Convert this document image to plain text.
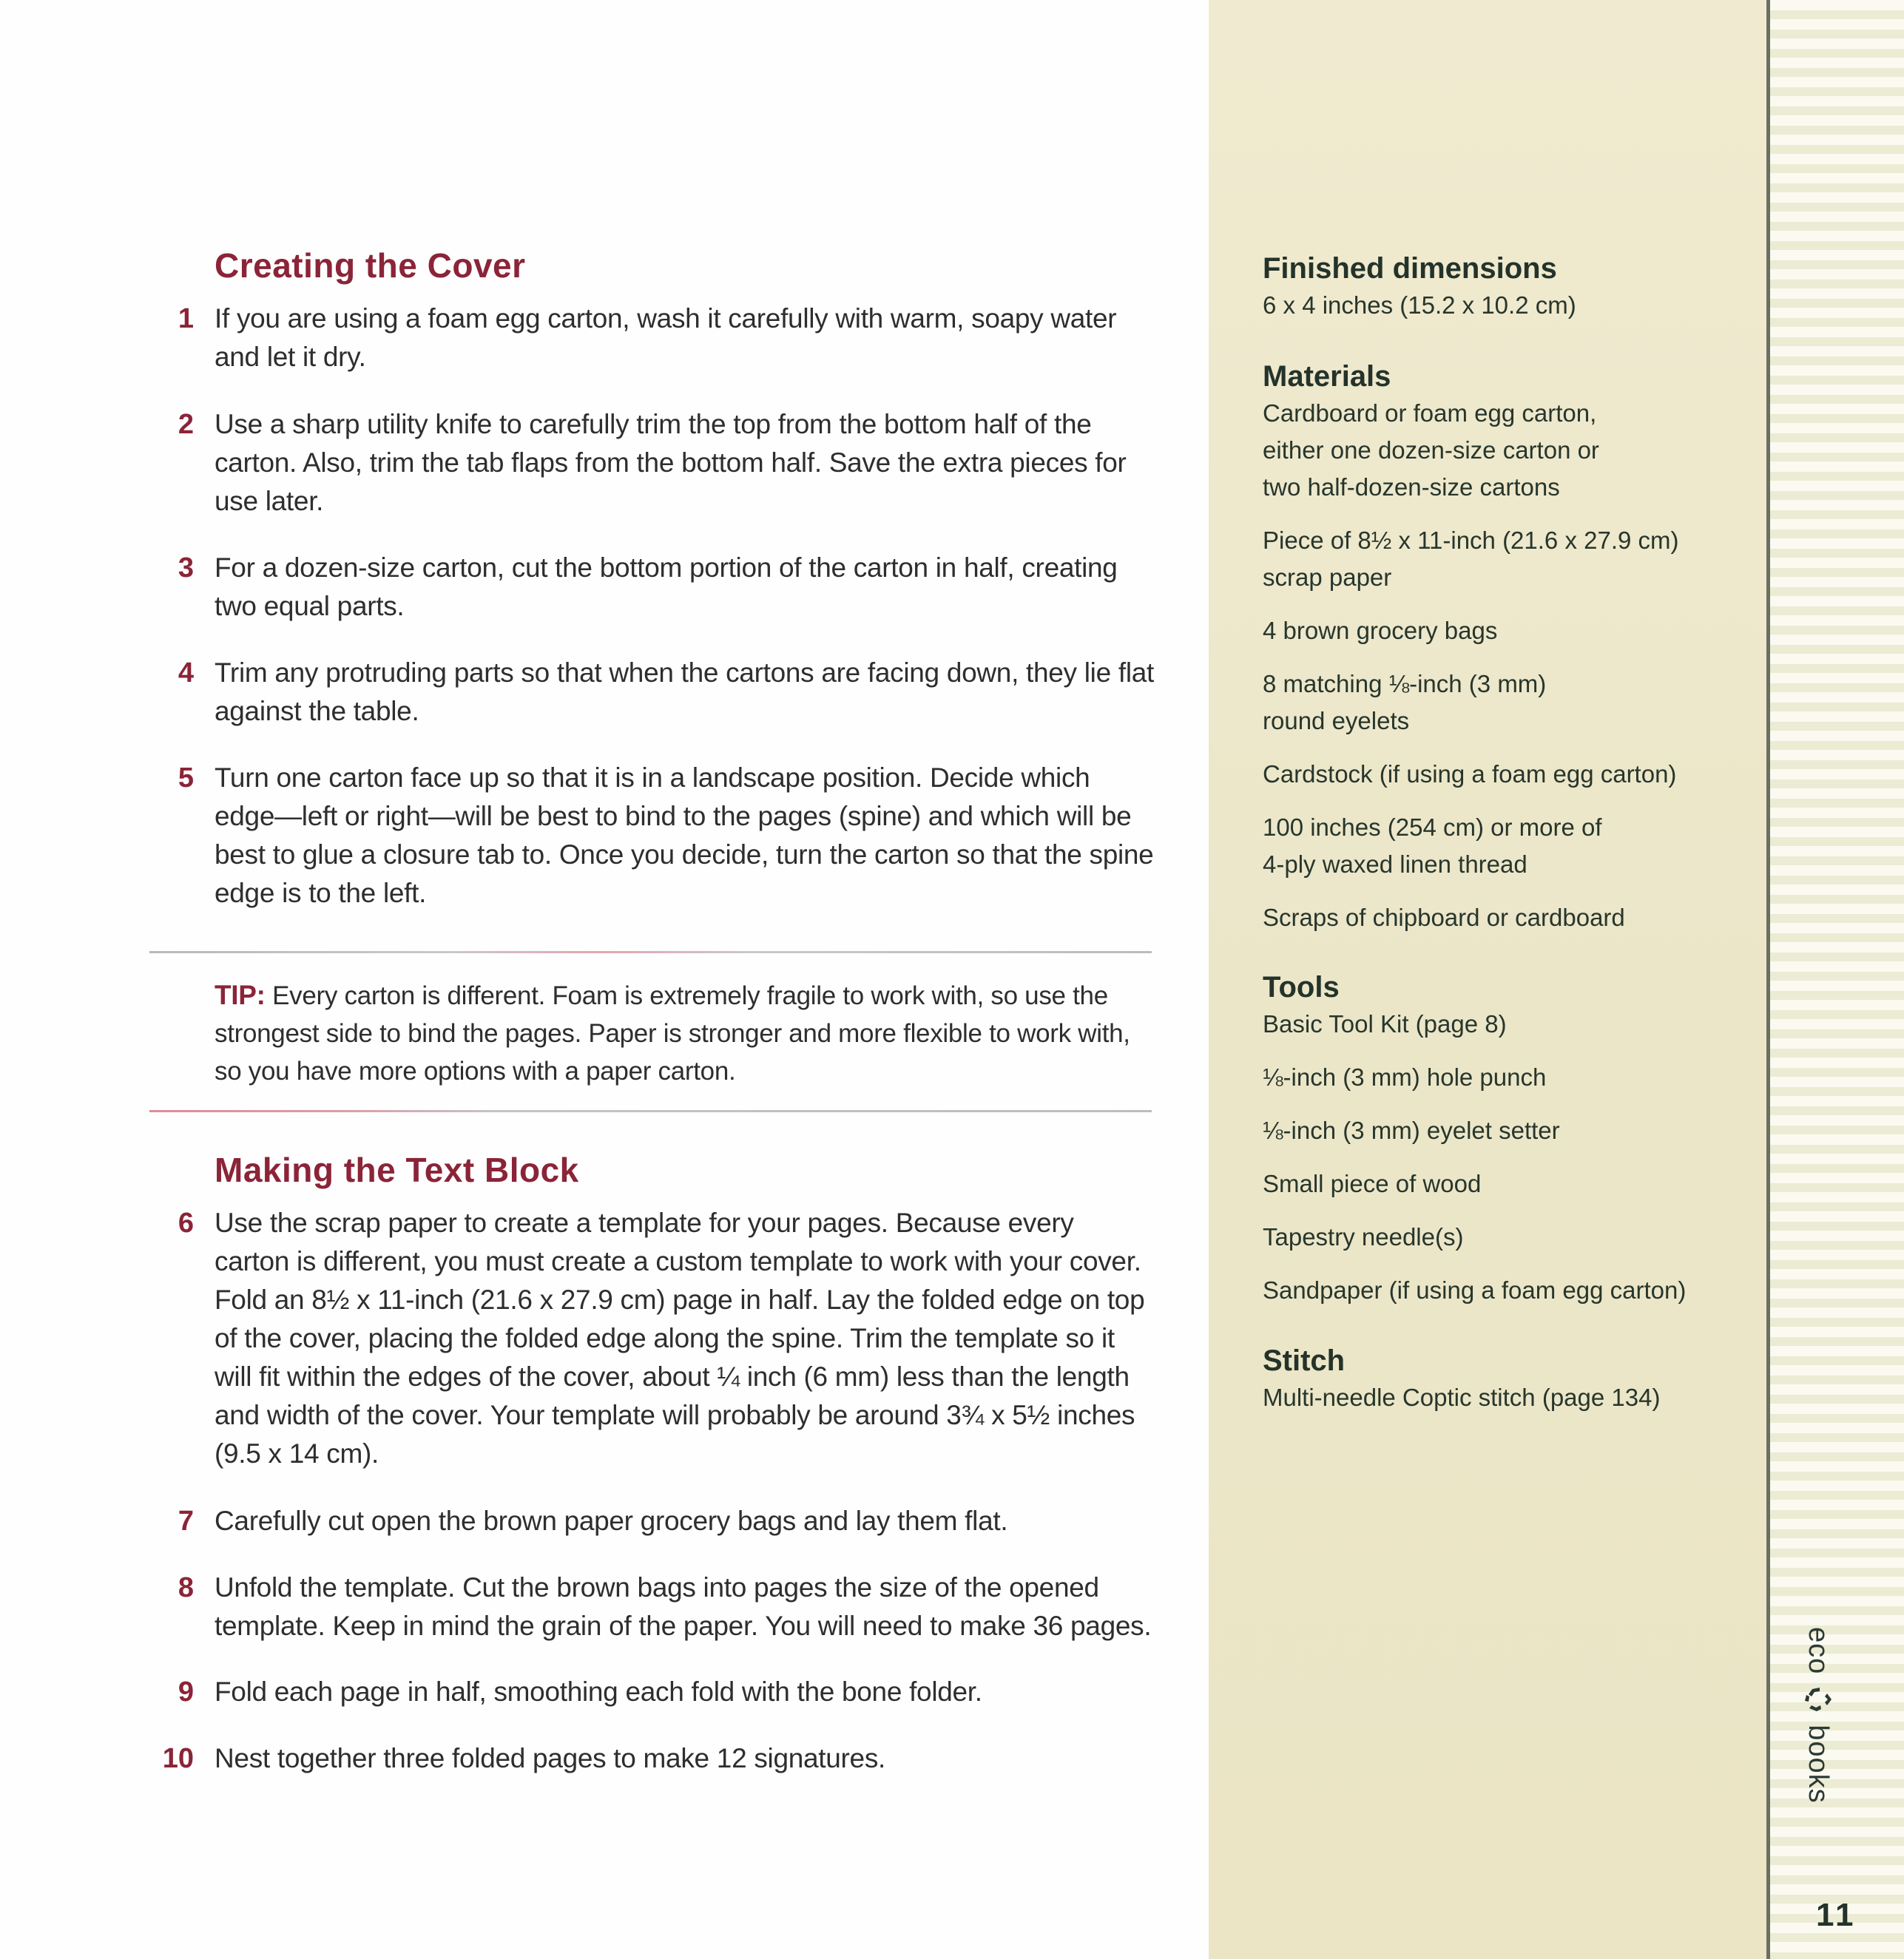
Creating the Cover
1 If you are using a foam egg carton, wash it carefully with warm, soapy water and let it dry.
2 Use a sharp utility knife to carefully trim the top from the bottom half of the carton. Also, trim the tab flaps from the bottom half. Save the extra pieces for use later.
3 For a dozen-size carton, cut the bottom portion of the carton in half, creating two equal parts.
4 Trim any protruding parts so that when the cartons are facing down, they lie flat against the table.
5 Turn one carton face up so that it is in a landscape position. Decide which edge—left or right—will be best to bind to the pages (spine) and which will be best to glue a closure tab to. Once you decide, turn the carton so that the spine edge is to the left.
TIP: Every carton is different. Foam is extremely fragile to work with, so use the strongest side to bind the pages. Paper is stronger and more flexible to work with, so you have more options with a paper carton.
Making the Text Block
6 Use the scrap paper to create a template for your pages. Because every carton is different, you must create a custom template to work with your cover. Fold an 8½ x 11-inch (21.6 x 27.9 cm) page in half. Lay the folded edge on top of the cover, placing the folded edge along the spine. Trim the template so it will fit within the edges of the cover, about ¼ inch (6 mm) less than the length and width of the cover. Your template will probably be around 3¾ x 5½ inches (9.5 x 14 cm).
7 Carefully cut open the brown paper grocery bags and lay them flat.
8 Unfold the template. Cut the brown bags into pages the size of the opened template. Keep in mind the grain of the paper. You will need to make 36 pages.
9 Fold each page in half, smoothing each fold with the bone folder.
10 Nest together three folded pages to make 12 signatures.
Finished dimensions
6 x 4 inches (15.2 x 10.2 cm)
Materials
Cardboard or foam egg carton,
either one dozen-size carton or
two half-dozen-size cartons
Piece of 8½ x 11-inch (21.6 x 27.9 cm)
scrap paper
4 brown grocery bags
8 matching ⅛-inch (3 mm)
round eyelets
Cardstock (if using a foam egg carton)
100 inches (254 cm) or more of
4-ply waxed linen thread
Scraps of chipboard or cardboard
Tools
Basic Tool Kit (page 8)
⅛-inch (3 mm) hole punch
⅛-inch (3 mm) eyelet setter
Small piece of wood
Tapestry needle(s)
Sandpaper (if using a foam egg carton)
Stitch
Multi-needle Coptic stitch (page 134)
eco
books
11
